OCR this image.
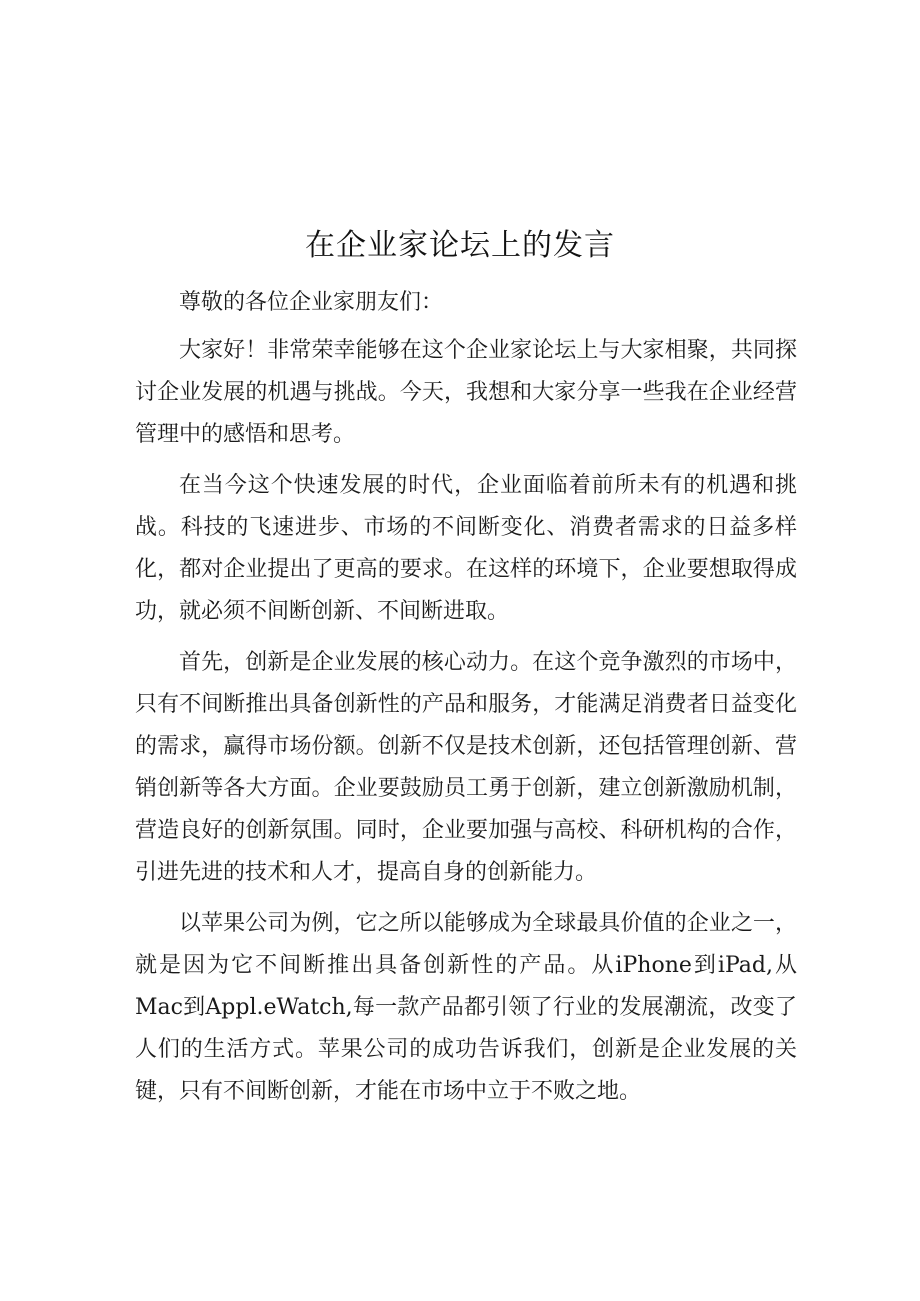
在企业家论坛上的发言

尊敬的各位企业家朋友们：

大家好！非常荣幸能够在这个企业家论坛上与大家相聚，共同探讨企业发展的机遇与挑战。今天，我想和大家分享一些我在企业经营管理中的感悟和思考。

在当今这个快速发展的时代，企业面临着前所未有的机遇和挑战。科技的飞速进步、市场的不间断变化、消费者需求的日益多样化，都对企业提出了更高的要求。在这样的环境下，企业要想取得成功，就必须不间断创新、不间断进取。

首先，创新是企业发展的核心动力。在这个竞争激烈的市场中，只有不间断推出具备创新性的产品和服务，才能满足消费者日益变化的需求，赢得市场份额。创新不仅是技术创新，还包括管理创新、营销创新等各大方面。企业要鼓励员工勇于创新，建立创新激励机制，营造良好的创新氛围。同时，企业要加强与高校、科研机构的合作，引进先进的技术和人才，提高自身的创新能力。

以苹果公司为例，它之所以能够成为全球最具价值的企业之一，就是因为它不间断推出具备创新性的产品。从iPhone到iPad,从Mac到Appl.eWatch,每一款产品都引领了行业的发展潮流，改变了人们的生活方式。苹果公司的成功告诉我们，创新是企业发展的关键，只有不间断创新，才能在市场中立于不败之地。
